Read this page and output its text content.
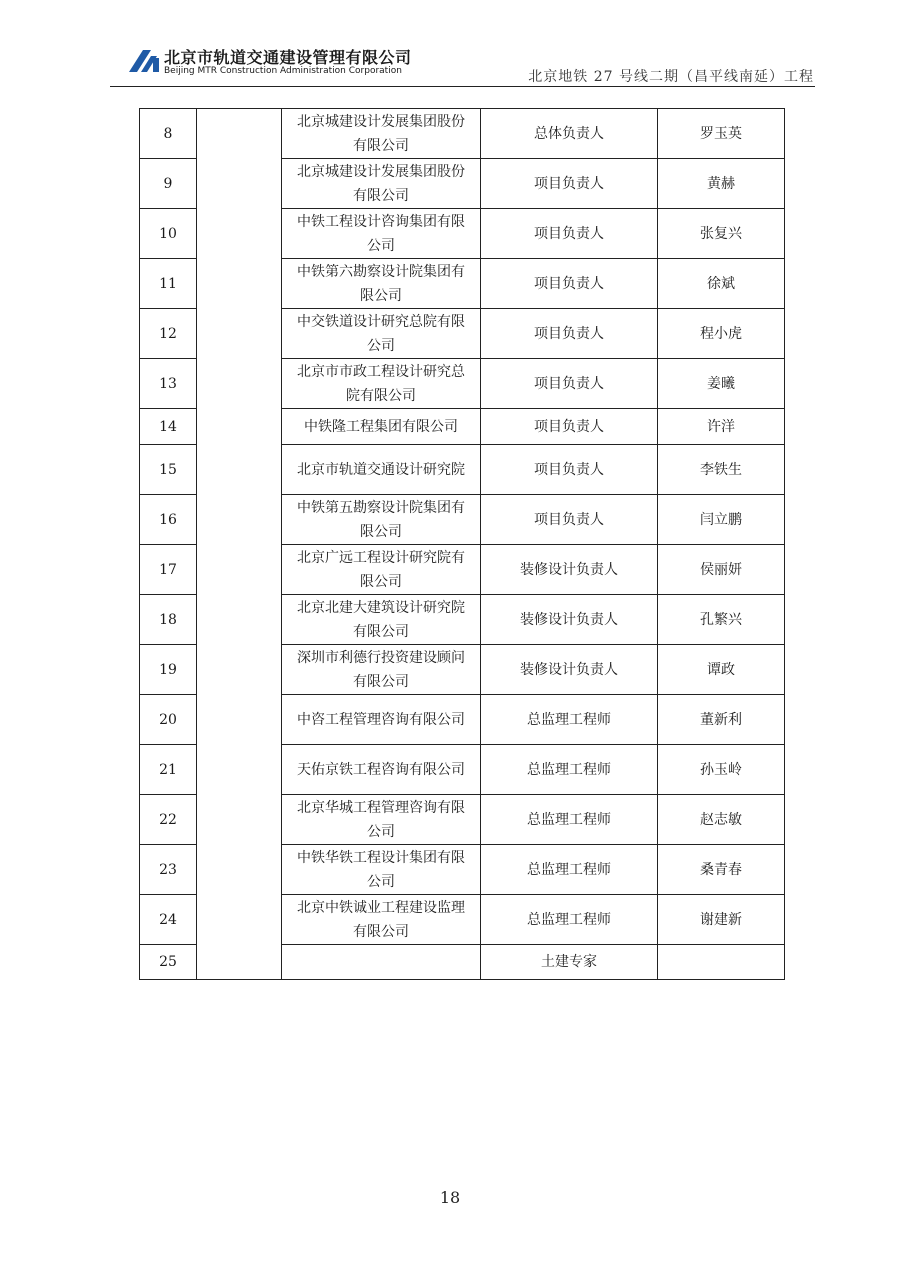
北京市轨道交通建设管理有限公司
Beijing MTR Construction Administration Corporation	北京地铁 27 号线二期（昌平线南延）工程
8		北京城建设计发展集团股份有限公司	总体负责人	罗玉英
9		北京城建设计发展集团股份有限公司	项目负责人	黄赫
10		中铁工程设计咨询集团有限公司	项目负责人	张复兴
11		中铁第六勘察设计院集团有限公司	项目负责人	徐斌
12		中交铁道设计研究总院有限公司	项目负责人	程小虎
13		北京市市政工程设计研究总院有限公司	项目负责人	姜曦
14		中铁隆工程集团有限公司	项目负责人	许洋
15		北京市轨道交通设计研究院	项目负责人	李铁生
16		中铁第五勘察设计院集团有限公司	项目负责人	闫立鹏
17		北京广远工程设计研究院有限公司	装修设计负责人	侯丽妍
18		北京北建大建筑设计研究院有限公司	装修设计负责人	孔繁兴
19		深圳市利德行投资建设顾问有限公司	装修设计负责人	谭政
20		中咨工程管理咨询有限公司	总监理工程师	董新利
21		天佑京铁工程咨询有限公司	总监理工程师	孙玉岭
22		北京华城工程管理咨询有限公司	总监理工程师	赵志敏
23		中铁华铁工程设计集团有限公司	总监理工程师	桑青春
24		北京中铁诚业工程建设监理有限公司	总监理工程师	谢建新
25			土建专家	
18
